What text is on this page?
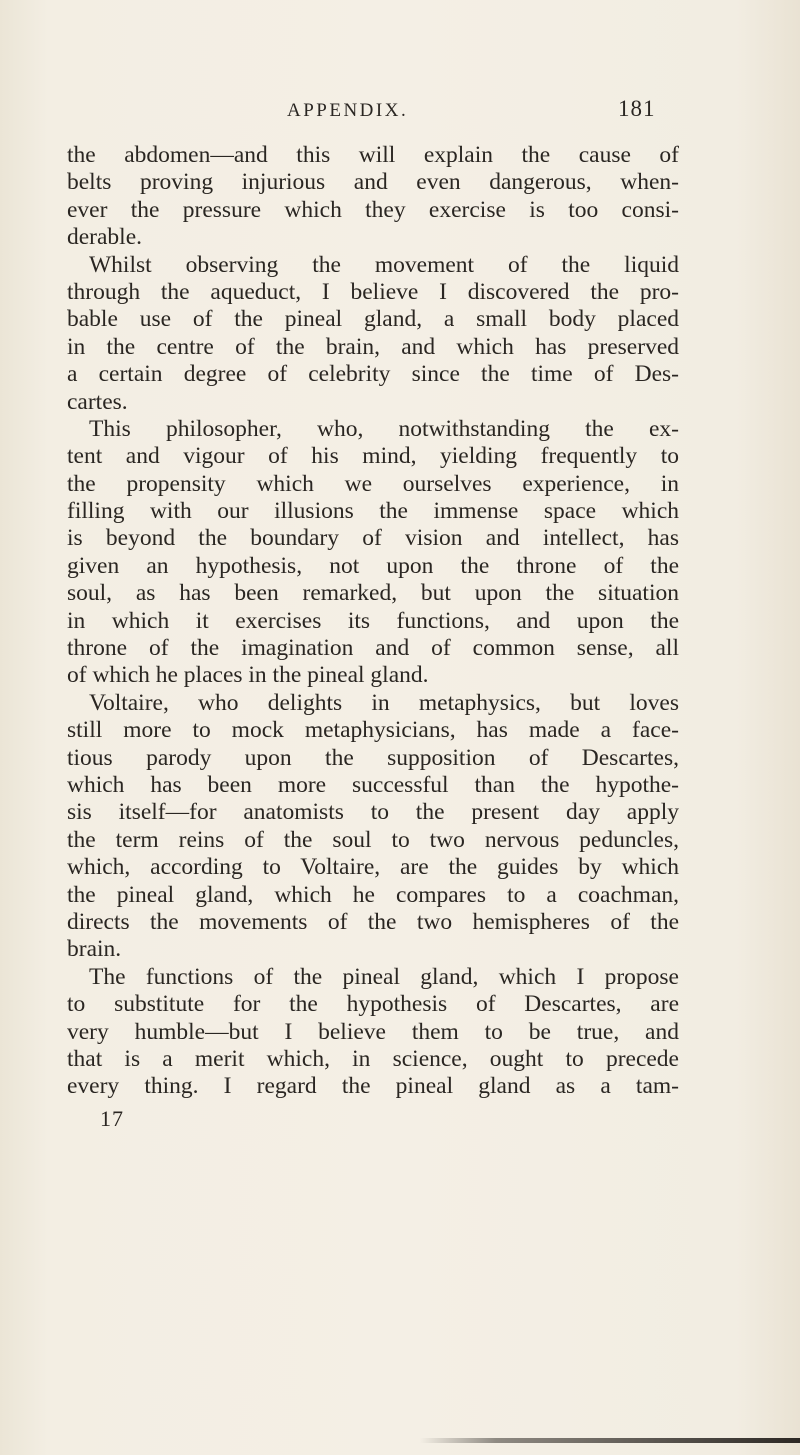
APPENDIX.	181
the abdomen—and this will explain the cause of
belts proving injurious and even dangerous, when-
ever the pressure which they exercise is too consi-
derable.
Whilst observing the movement of the liquid
through the aqueduct, I believe I discovered the pro-
bable use of the pineal gland, a small body placed
in the centre of the brain, and which has preserved
a certain degree of celebrity since the time of Des-
cartes.
This philosopher, who, notwithstanding the ex-
tent and vigour of his mind, yielding frequently to
the propensity which we ourselves experience, in
filling with our illusions the immense space which
is beyond the boundary of vision and intellect, has
given an hypothesis, not upon the throne of the
soul, as has been remarked, but upon the situation
in which it exercises its functions, and upon the
throne of the imagination and of common sense, all
of which he places in the pineal gland.
Voltaire, who delights in metaphysics, but loves
still more to mock metaphysicians, has made a face-
tious parody upon the supposition of Descartes,
which has been more successful than the hypothe-
sis itself—for anatomists to the present day apply
the term reins of the soul to two nervous peduncles,
which, according to Voltaire, are the guides by which
the pineal gland, which he compares to a coachman,
directs the movements of the two hemispheres of the
brain.
The functions of the pineal gland, which I propose
to substitute for the hypothesis of Descartes, are
very humble—but I believe them to be true, and
that is a merit which, in science, ought to precede
every thing. I regard the pineal gland as a tam-
17
